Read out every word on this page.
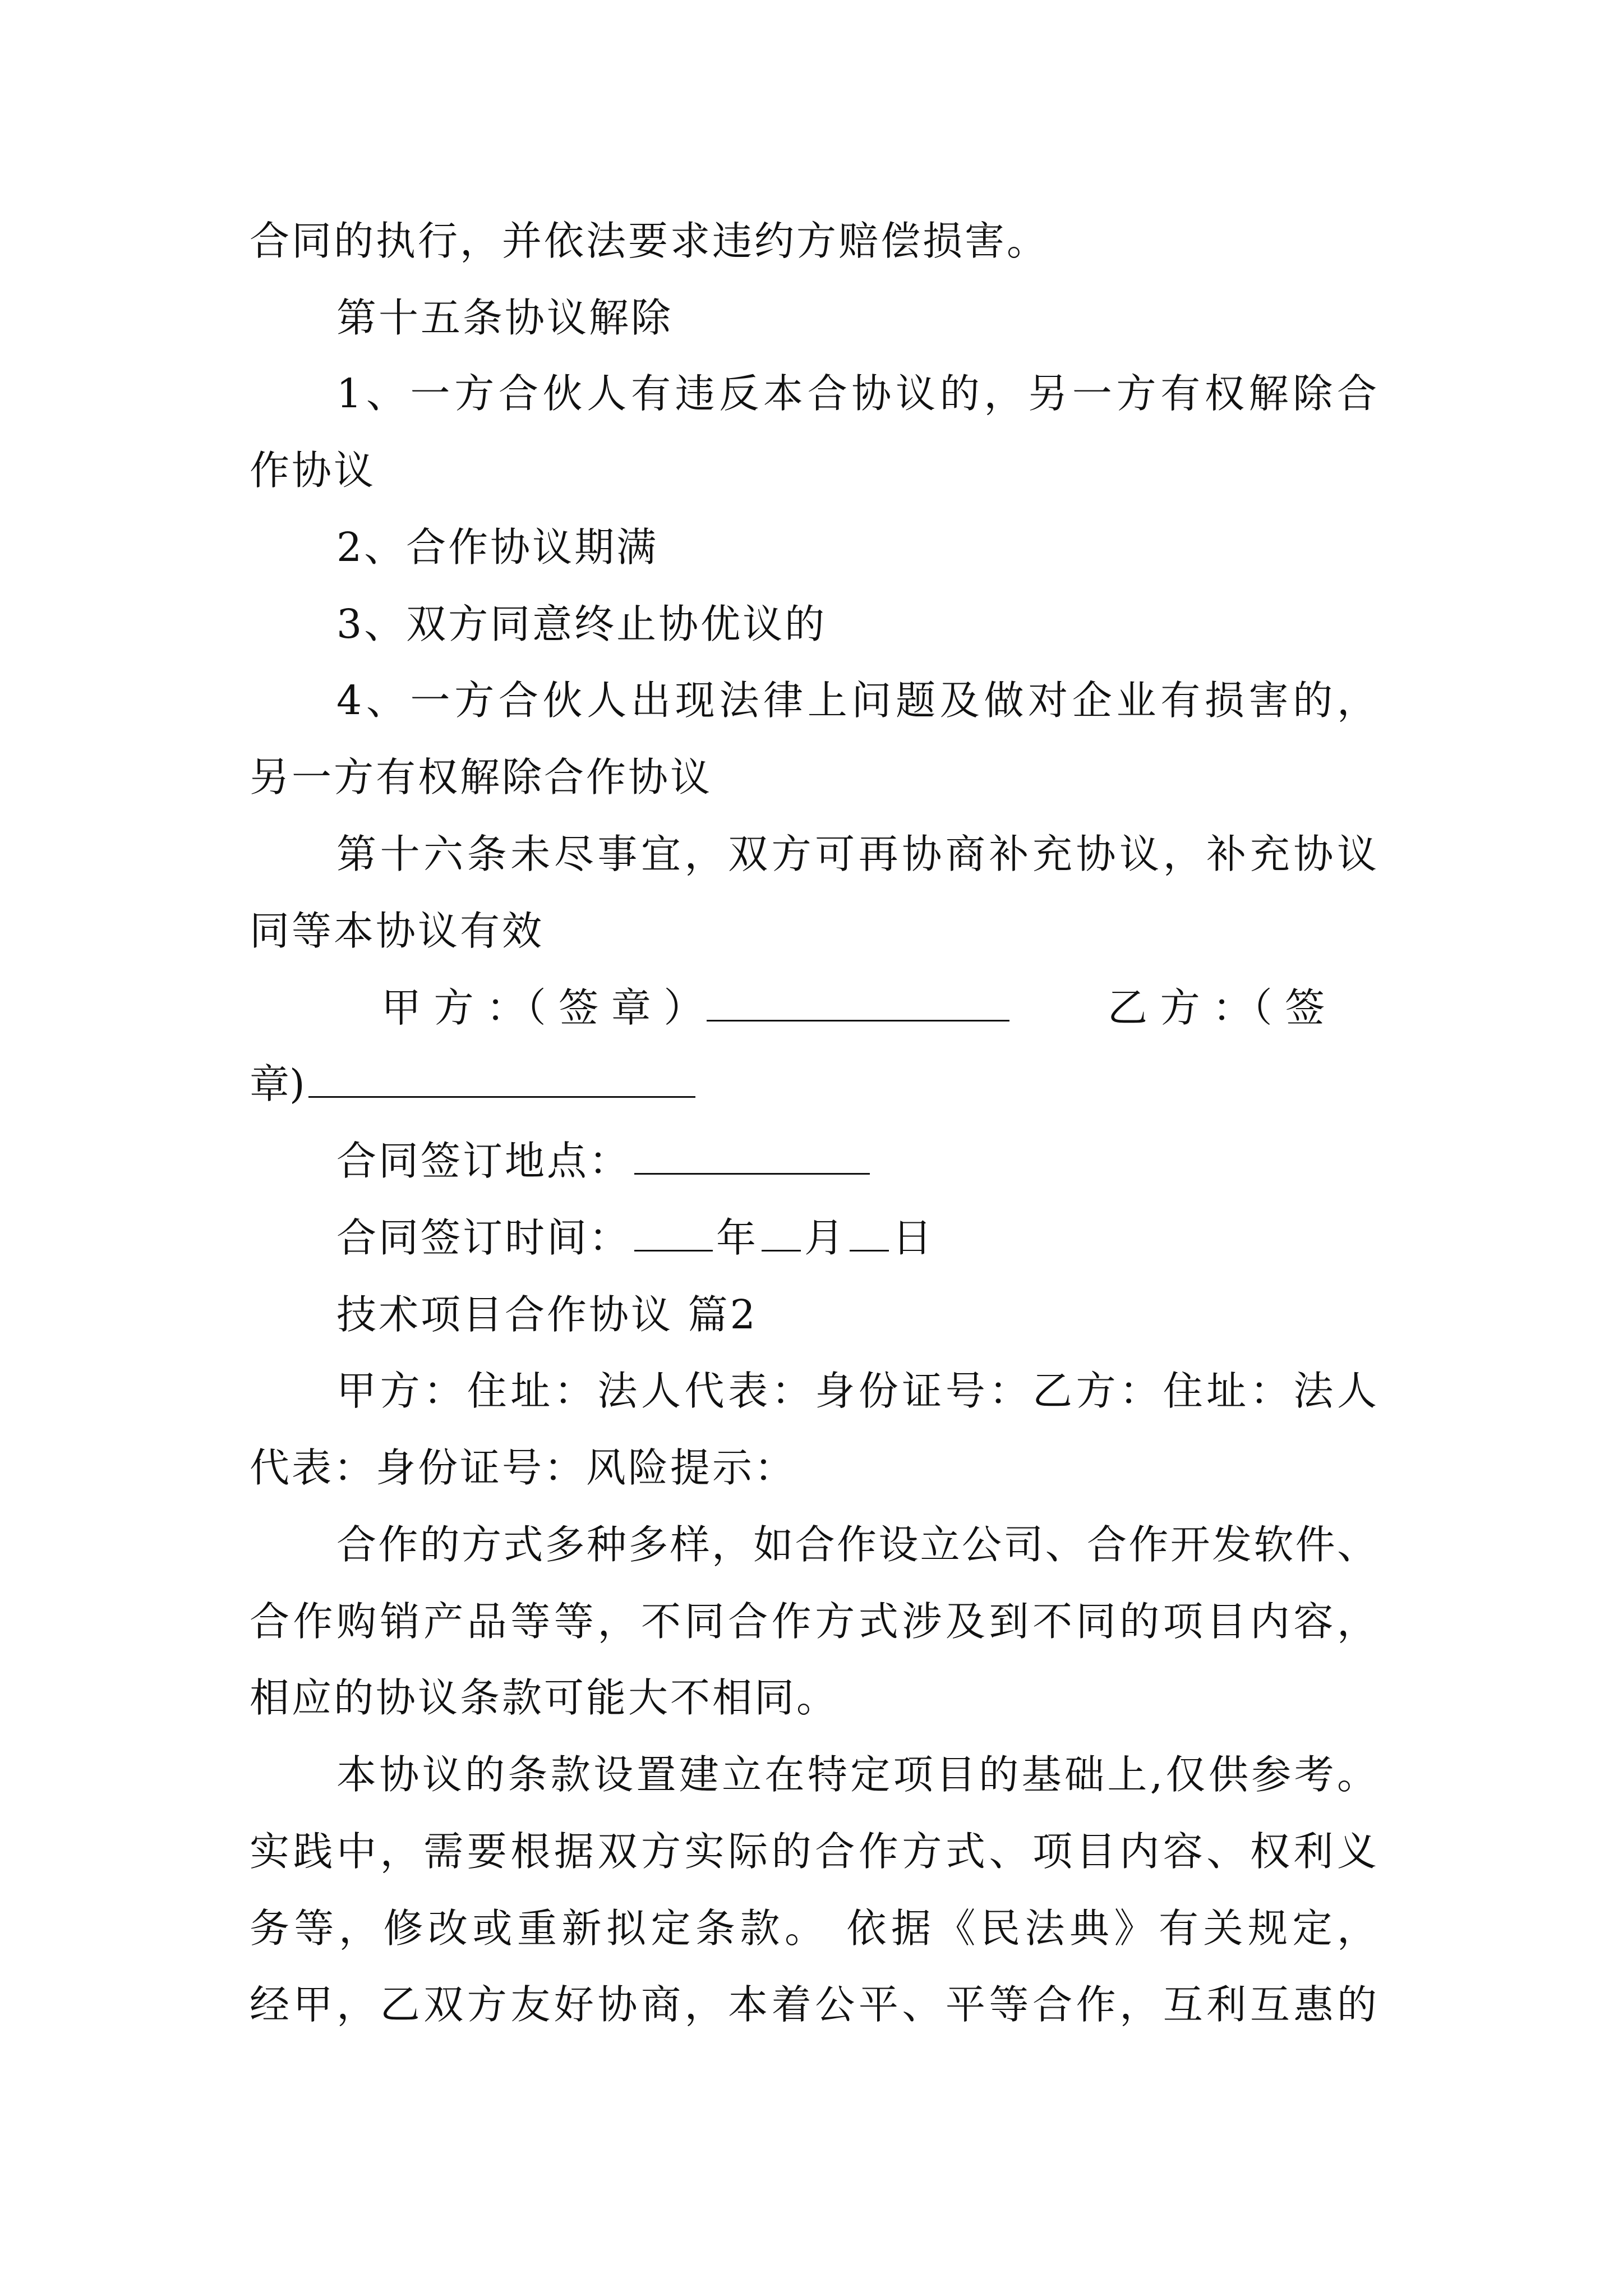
合同的执行，并依法要求违约方赔偿损害。
第十五条协议解除
1、一方合伙人有违反本合协议的，另一方有权解除合
作协议
2、合作协议期满
3、双方同意终止协优议的
4、一方合伙人出现法律上问题及做对企业有损害的，
另一方有权解除合作协议
第十六条未尽事宜，双方可再协商补充协议，补充协议
同等本协议有效
甲 方 ：（ 签 章 ）	乙 方 ：（ 签
章)
合同签订地点：
合同签订时间： 年 月 日
技术项目合作协议 篇2
甲方：住址：法人代表：身份证号：乙方：住址：法人
代表：身份证号：风险提示：
合作的方式多种多样，如合作设立公司、合作开发软件、
合作购销产品等等，不同合作方式涉及到不同的项目内容，
相应的协议条款可能大不相同。
本协议的条款设置建立在特定项目的基础上,仅供参考。
实践中，需要根据双方实际的合作方式、项目内容、权利义
务等，修改或重新拟定条款。 依据《民法典》有关规定，
经甲，乙双方友好协商，本着公平、平等合作，互利互惠的
